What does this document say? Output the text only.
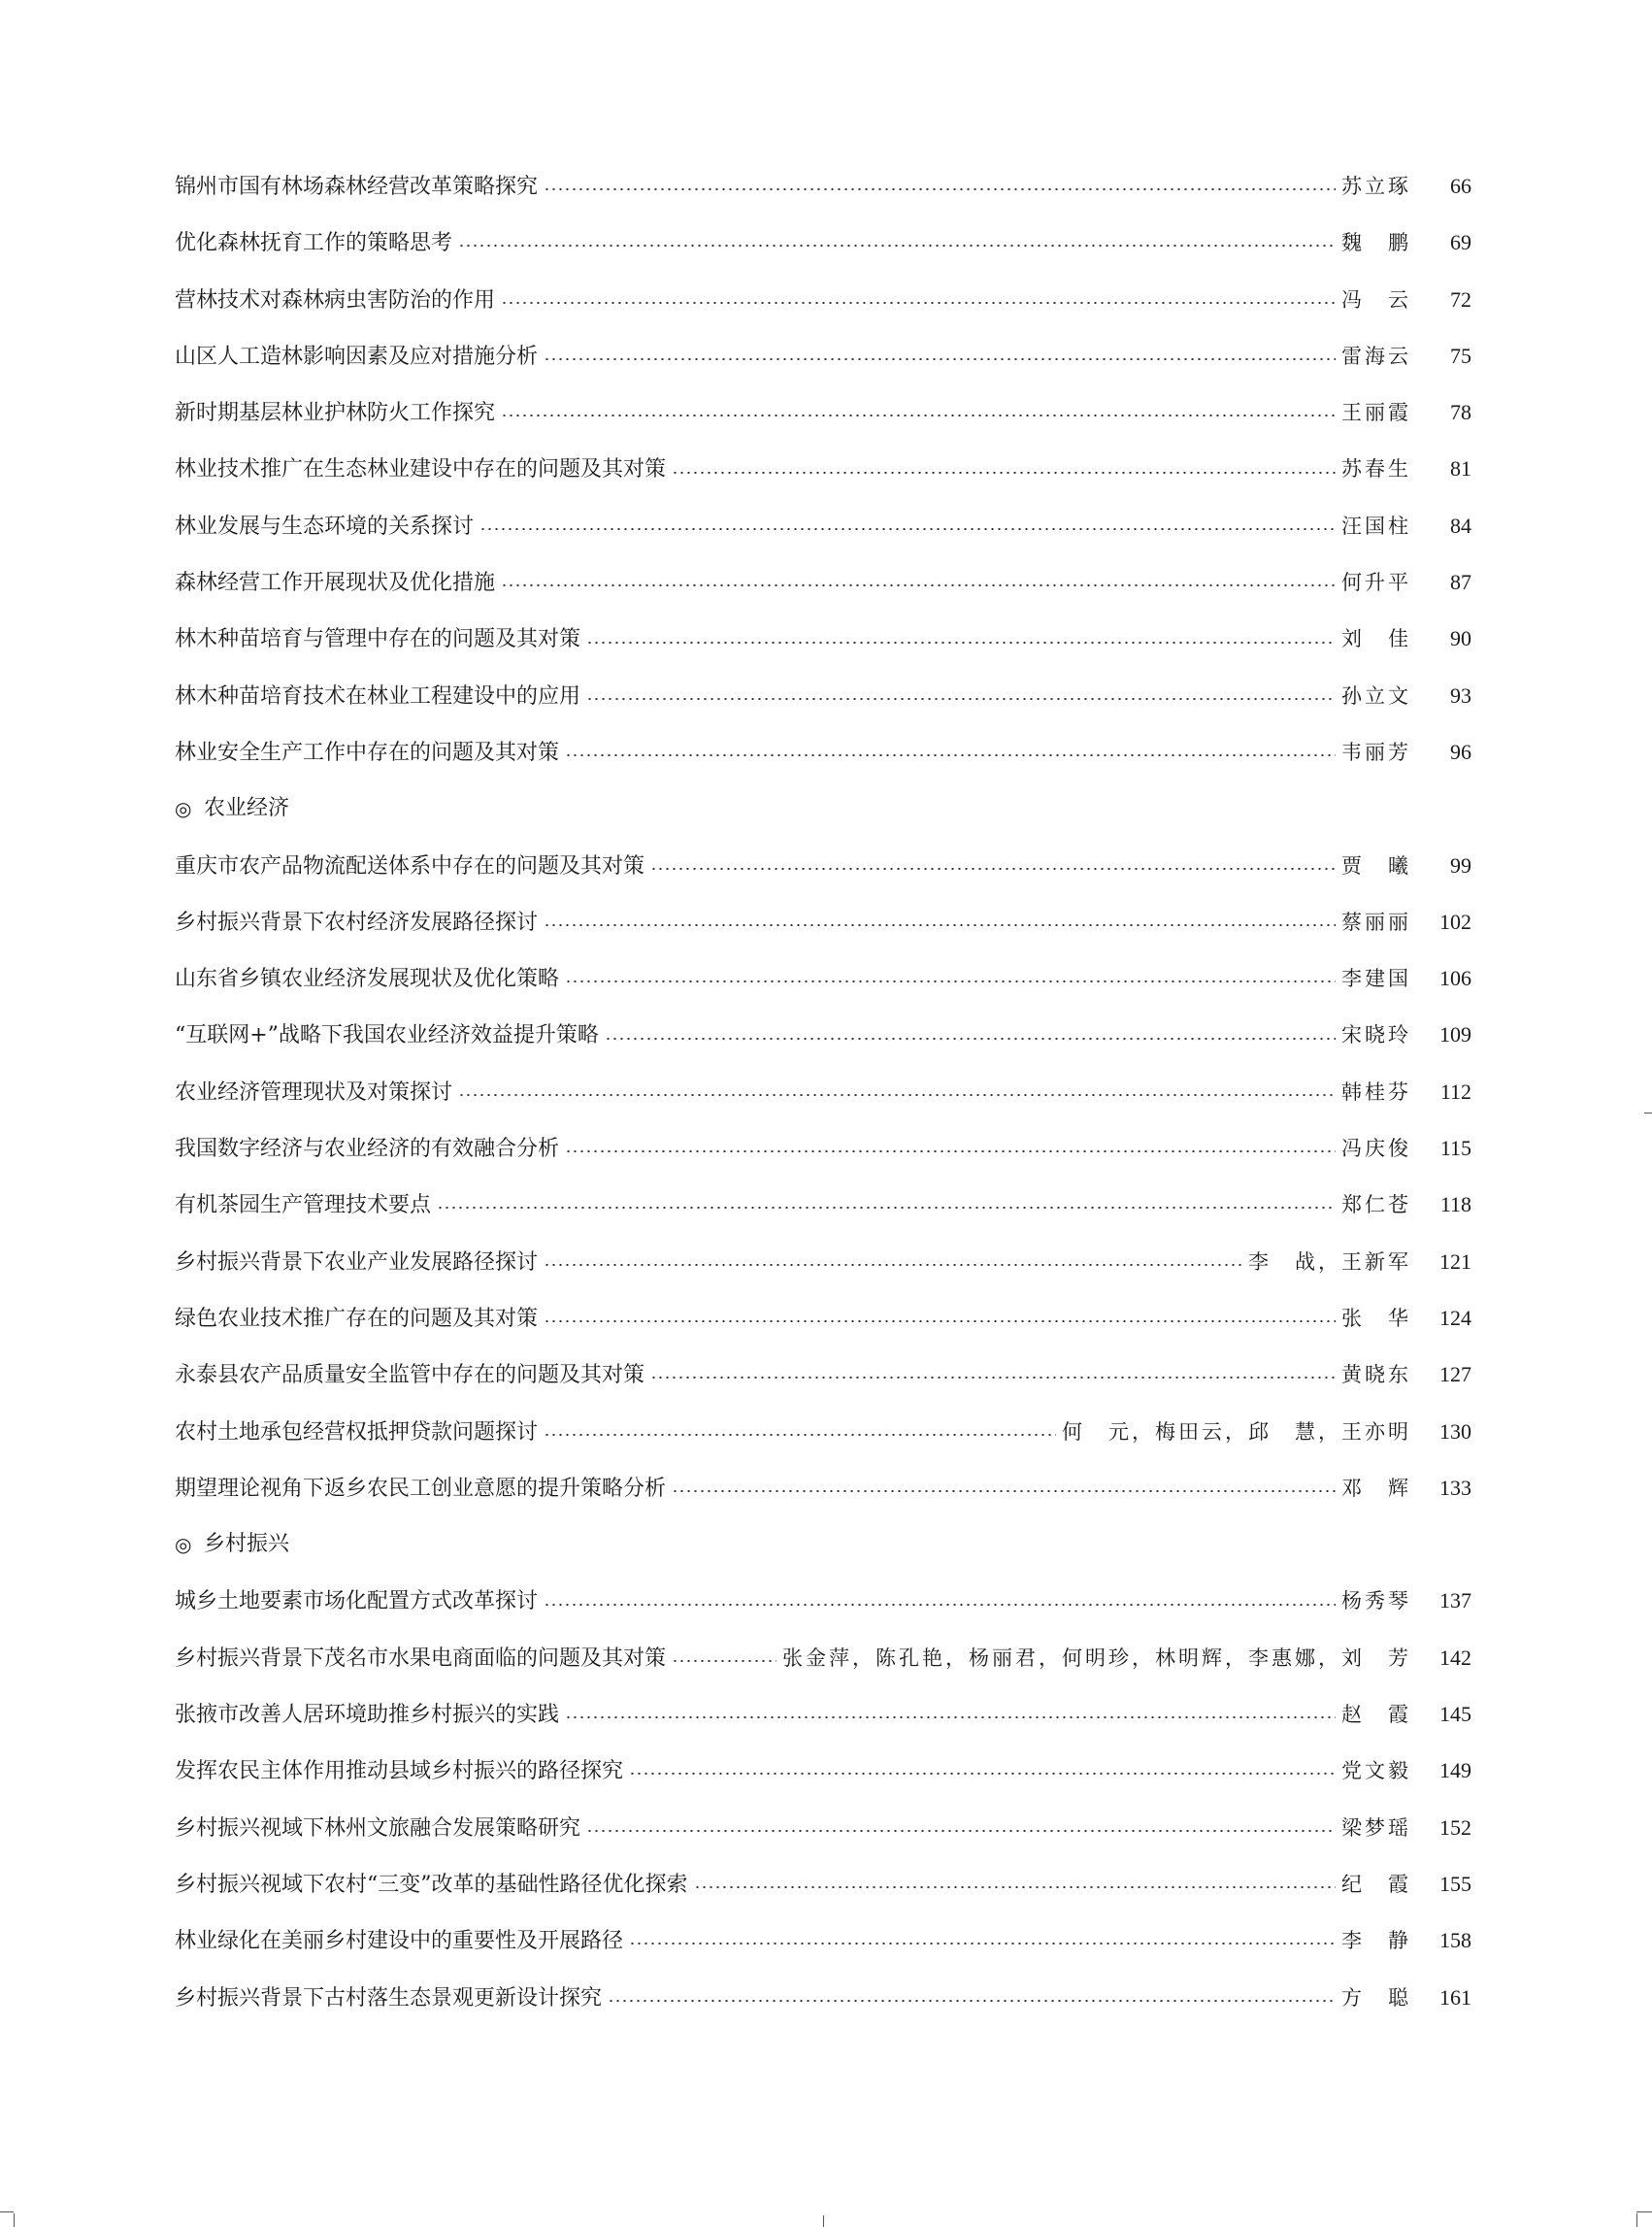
锦州市国有林场森林经营改革策略探究	苏立琢	66
优化森林抚育工作的策略思考	魏　鹏	69
营林技术对森林病虫害防治的作用	冯　云	72
山区人工造林影响因素及应对措施分析	雷海云	75
新时期基层林业护林防火工作探究	王丽霞	78
林业技术推广在生态林业建设中存在的问题及其对策	苏春生	81
林业发展与生态环境的关系探讨	汪国柱	84
森林经营工作开展现状及优化措施	何升平	87
林木种苗培育与管理中存在的问题及其对策	刘　佳	90
林木种苗培育技术在林业工程建设中的应用	孙立文	93
林业安全生产工作中存在的问题及其对策	韦丽芳	96
◎ 农业经济
重庆市农产品物流配送体系中存在的问题及其对策	贾　曦	99
乡村振兴背景下农村经济发展路径探讨	蔡丽丽	102
山东省乡镇农业经济发展现状及优化策略	李建国	106
“互联网+”战略下我国农业经济效益提升策略	宋晓玲	109
农业经济管理现状及对策探讨	韩桂芬	112
我国数字经济与农业经济的有效融合分析	冯庆俊	115
有机茶园生产管理技术要点	郑仁苍	118
乡村振兴背景下农业产业发展路径探讨	李　战，王新军	121
绿色农业技术推广存在的问题及其对策	张　华	124
永泰县农产品质量安全监管中存在的问题及其对策	黄晓东	127
农村土地承包经营权抵押贷款问题探讨	何　元，梅田云，邱　慧，王亦明	130
期望理论视角下返乡农民工创业意愿的提升策略分析	邓　辉	133
◎ 乡村振兴
城乡土地要素市场化配置方式改革探讨	杨秀琴	137
乡村振兴背景下茂名市水果电商面临的问题及其对策	张金萍，陈孔艳，杨丽君，何明珍，林明辉，李惠娜，刘　芳	142
张掖市改善人居环境助推乡村振兴的实践	赵　霞	145
发挥农民主体作用推动县域乡村振兴的路径探究	党文毅	149
乡村振兴视域下林州文旅融合发展策略研究	梁梦瑶	152
乡村振兴视域下农村“三变”改革的基础性路径优化探索	纪　霞	155
林业绿化在美丽乡村建设中的重要性及开展路径	李　静	158
乡村振兴背景下古村落生态景观更新设计探究	方　聪	161
